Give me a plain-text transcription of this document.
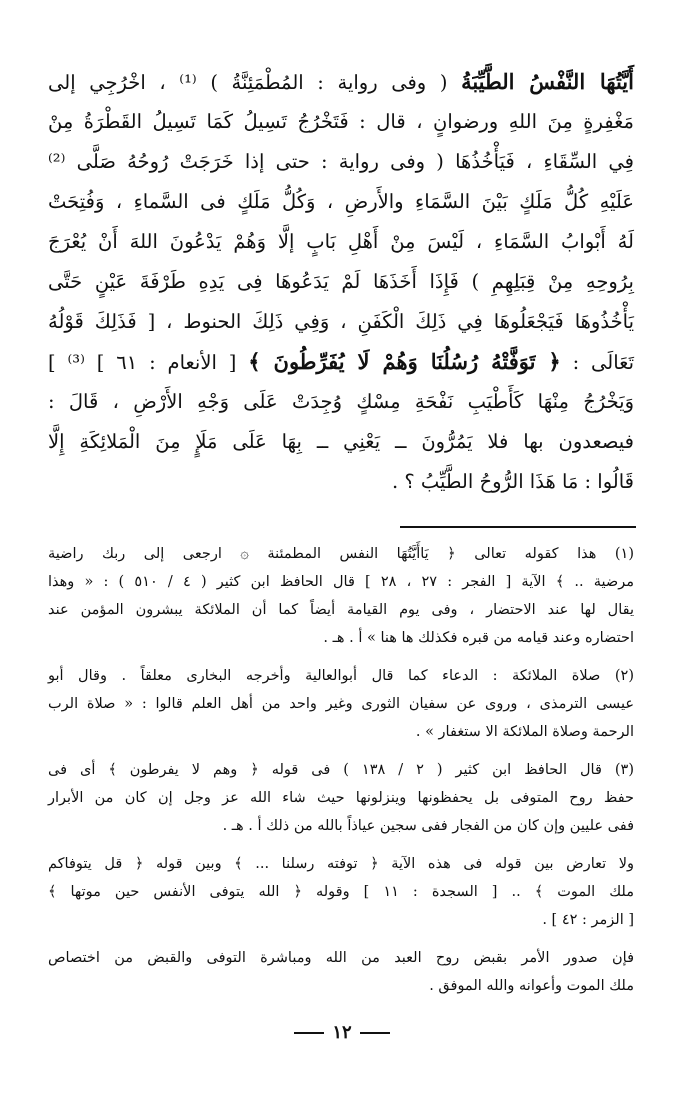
أَيَّتُهَا النَّفْسُ الطَّيِّبَةُ ( وفى رواية : المُطْمَئِنَّةُ ) ⁽¹⁾ ، اخْرُجِي إلى
مَغْفِرةٍ مِنَ اللهِ ورضوانٍ ، قال : فَتَخْرُجُ تَسِيلُ كَمَا تَسِيلُ القَطْرَةُ مِنْ
فِي السِّقَاءِ ، فَيَأْخُذُهَا ( وفى رواية : حتى إذا خَرَجَتْ رُوحُهُ صَلَّى ⁽²⁾
عَلَيْهِ كُلُّ مَلَكٍ بَيْنَ السَّمَاءِ والأَرضِ ، وَكُلُّ مَلَكٍ فى السَّماءِ ، وَفُتِحَتْ
لَهُ أَبْوابُ السَّمَاءِ ، لَيْسَ مِنْ أَهْلِ بَابٍ إلَّا وَهُمْ يَدْعُونَ اللهَ أَنْ يُعْرَجَ
بِرُوحِهِ مِنْ قِبَلِهِمِ ) فَإِذَا أَخَذَهَا لَمْ يَدَعُوهَا فِى يَدِهِ طَرْفَةَ عَيْنٍ حَتَّى
يَأْخُذُوهَا فَيَجْعَلُوهَا فِي ذَلِكَ الْكَفَنِ ، وَفِي ذَلِكَ الحنوط ، [ فَذَلِكَ قَوْلُهُ
تَعَالَى : ﴿ تَوَفَّتْهُ رُسُلُنَا وَهُمْ لَا يُفَرِّطُونَ ﴾ [ الأنعام : ٦١ ] ⁽³⁾ ]
وَيَخْرُجُ مِنْهَا كَأَطْيَبِ نَفْحَةِ مِسْكٍ وُجِدَتْ عَلَى وَجْهِ الأَرْضِ ، قَالَ :
فيصعدون بها فلا يَمُرُّونَ ــ يَعْنِي ــ بِهَا عَلَى مَلَإٍ مِنَ الْمَلائِكَةِ إِلَّا
قَالُوا : مَا هَذَا الرُّوحُ الطَّيِّبُ ؟ .
(١) هذا كقوله تعالى ﴿ يَاأَيَّتُهَا النفس المطمئنة ۞ ارجعى إلى ربك راضية
مرضية .. ﴾ الآية [ الفجر : ٢٧ ، ٢٨ ] قال الحافظ ابن كثير ( ٤ / ٥١٠ ) : « وهذا
يقال لها عند الاحتضار ، وفى يوم القيامة أيضاً كما أن الملائكة يبشرون المؤمن عند
احتضاره وعند قيامه من قبره فكذلك ها هنا » أ . هـ .
(٢) صلاة الملائكة : الدعاء كما قال أبوالعالية وأخرجه البخارى معلقاً . وقال أبو
عيسى الترمذى ، وروى عن سفيان الثورى وغير واحد من أهل العلم قالوا : « صلاة الرب
الرحمة وصلاة الملائكة الا ستغفار » .
(٣) قال الحافظ ابن كثير ( ٢ / ١٣٨ ) فى قوله ﴿ وهم لا يفرطون ﴾ أى فى
حفظ روح المتوفى بل يحفظونها وينزلونها حيث شاء الله عز وجل إن كان من الأبرار
ففى عليين وإن كان من الفجار ففى سجين عياذاً بالله من ذلك أ . هـ .
ولا تعارض بين قوله فى هذه الآية ﴿ توفته رسلنا ... ﴾ وبين قوله ﴿ قل يتوفاكم
ملك الموت ﴾ .. [ السجدة : ١١ ] وقوله ﴿ الله يتوفى الأنفس حين موتها ﴾
[ الزمر : ٤٢ ] .
فإن صدور الأمر بقبض روح العبد من الله ومباشرة التوفى والقبض من اختصاص
ملك الموت وأعوانه والله الموفق .
١٢
